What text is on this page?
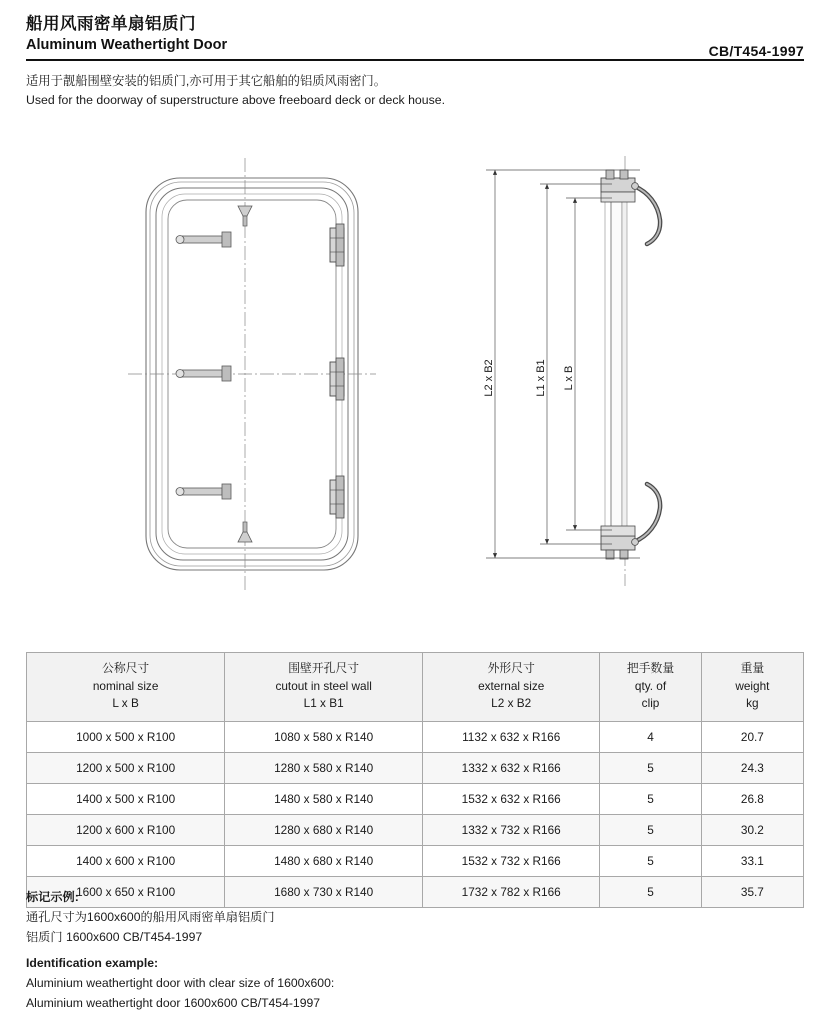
船用风雨密单扇铝质门
Aluminum Weathertight Door	CB/T454-1997
适用于靓船围壁安装的铝质门,亦可用于其它船舶的铝质风雨密门。
Used for the doorway of superstructure above freeboard deck or deck house.
L2 x B2	L1 x B1 L x B
公称尺寸
nominal size
L x B

围壁开孔尺寸
cutout in steel wall
L1 x B1

外形尺寸
external size
L2 x B2

把手数量
qty. of
clip

重量
weight
kg

1000 x 500 x R100	1080 x 580 x R140	1132 x 632 x R166	4	20.7
1200 x 500 x R100	1280 x 580 x R140	1332 x 632 x R166	5	24.3
1400 x 500 x R100	1480 x 580 x R140	1532 x 632 x R166	5	26.8
1200 x 600 x R100	1280 x 680 x R140	1332 x 732 x R166	5	30.2
1400 x 600 x R100	1480 x 680 x R140	1532 x 732 x R166	5	33.1
1600 x 650 x R100	1680 x 730 x R140	1732 x 782 x R166	5	35.7
标记示例:
通孔尺寸为1600x600的船用风雨密单扇铝质门
铝质门 1600x600 CB/T454-1997
Identification example:
Aluminium weathertight door with clear size of 1600x600:
Aluminium weathertight door 1600x600 CB/T454-1997
